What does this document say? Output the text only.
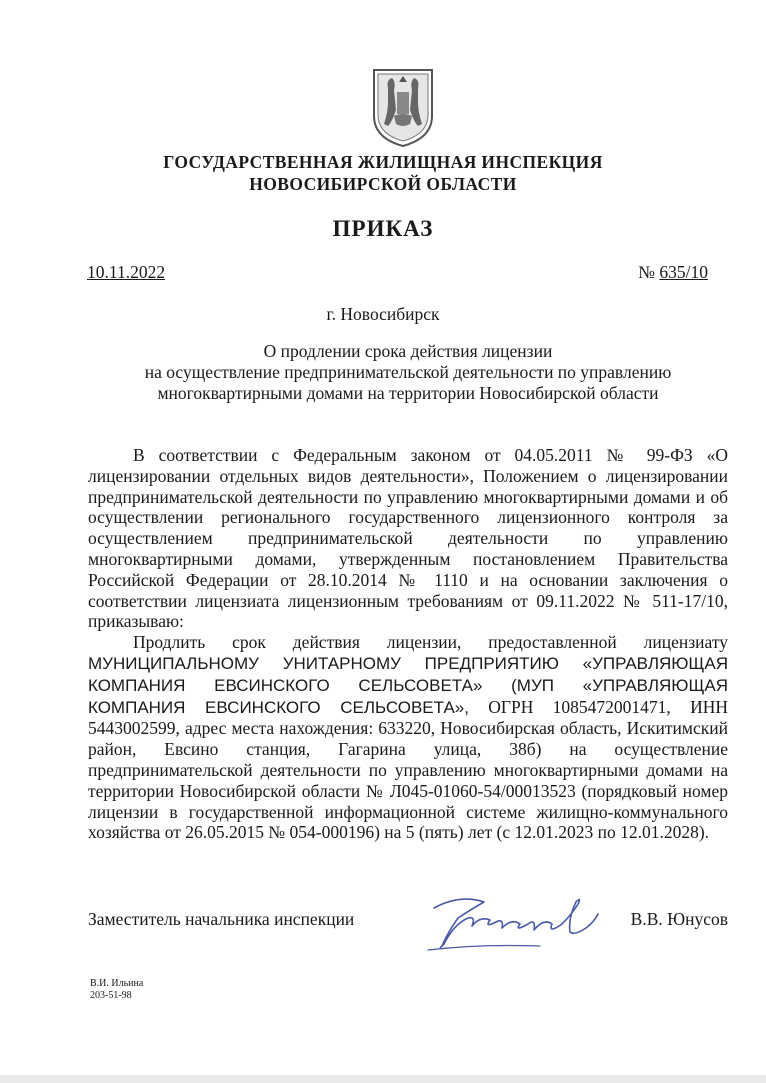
ГОСУДАРСТВЕННАЯ ЖИЛИЩНАЯ ИНСПЕКЦИЯ
НОВОСИБИРСКОЙ ОБЛАСТИ
ПРИКАЗ
10.11.2022	№ 635/10
г. Новосибирск
О продлении срока действия лицензии
на осуществление предпринимательской деятельности по управлению
многоквартирными домами на территории Новосибирской области

В соответствии с Федеральным законом от 04.05.2011 № 99-ФЗ «О лицензировании отдельных видов деятельности», Положением о лицензировании предпринимательской деятельности по управлению многоквартирными домами и об осуществлении регионального государственного лицензионного контроля за осуществлением предпринимательской деятельности по управлению многоквартирными домами, утвержденным постановлением Правительства Российской Федерации от 28.10.2014 № 1110 и на основании заключения о соответствии лицензиата лицензионным требованиям от 09.11.2022 № 511-17/10, приказываю:

Продлить срок действия лицензии, предоставленной лицензиату МУНИЦИПАЛЬНОМУ УНИТАРНОМУ ПРЕДПРИЯТИЮ «УПРАВЛЯЮЩАЯ КОМПАНИЯ ЕВСИНСКОГО СЕЛЬСОВЕТА» (МУП «УПРАВЛЯЮЩАЯ КОМПАНИЯ ЕВСИНСКОГО СЕЛЬСОВЕТА», ОГРН 1085472001471, ИНН 5443002599, адрес места нахождения: 633220, Новосибирская область, Искитимский район, Евсино станция, Гагарина улица, 38б) на осуществление предпринимательской деятельности по управлению многоквартирными домами на территории Новосибирской области № Л045-01060-54/00013523 (порядковый номер лицензии в государственной информационной системе жилищно-коммунального хозяйства от 26.05.2015 № 054-000196) на 5 (пять) лет (с 12.01.2023 по 12.01.2028).

Заместитель начальника инспекции	В.В. Юнусов
В.И. Ильина
203-51-98
